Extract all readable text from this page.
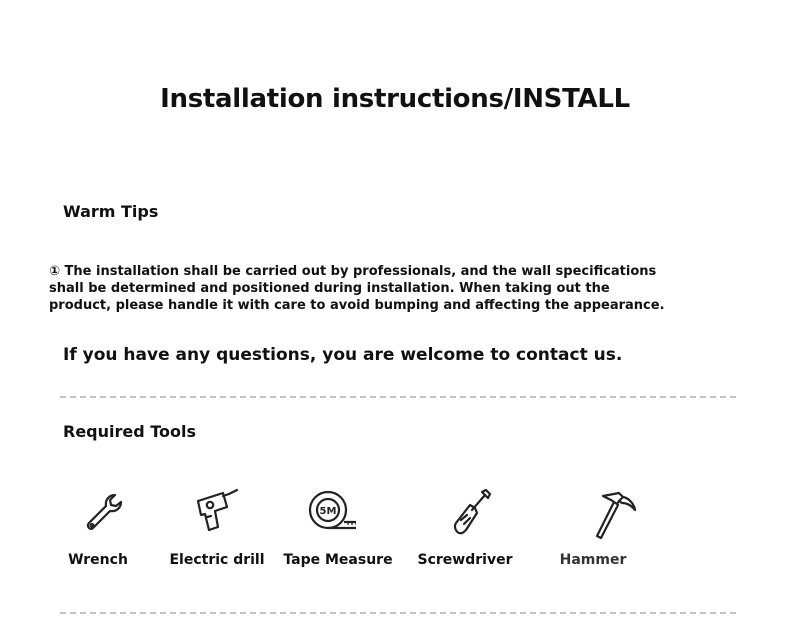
Installation instructions/INSTALL
Warm Tips

① The installation shall be carried out by professionals, and the wall specifications

shall be determined and positioned during installation. When taking out the

product, please handle it with care to avoid bumping and affecting the appearance.

If you have any questions, you are welcome to contact us.
Required Tools
5M
Wrench	Electric drill Tape Measure Screwdriver	Hammer
